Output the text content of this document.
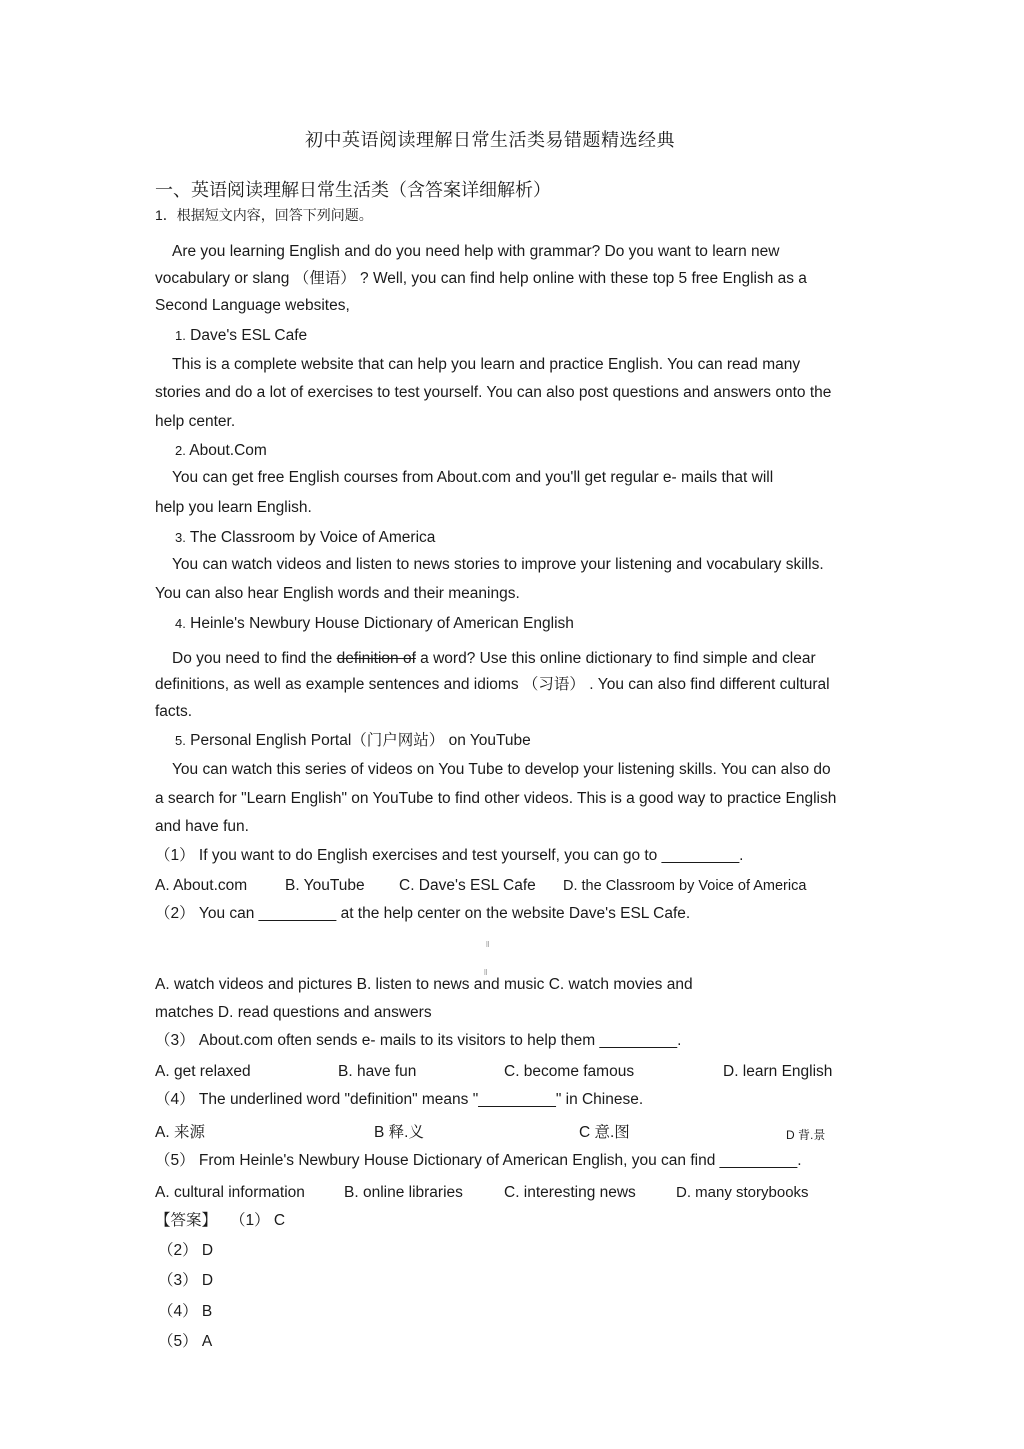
初中英语阅读理解日常生活类易错题精选经典
一、英语阅读理解日常生活类（含答案详细解析）
1．根据短文内容，回答下列问题。
Are you learning English and do you need help with grammar? Do you want to learn new
vocabulary or slang （俚语） ? Well, you can find help online with these top 5 free English as a
Second Language websites,
1. Dave's ESL Cafe
This is a complete website that can help you learn and practice English. You can read many
stories and do a lot of exercises to test yourself. You can also post questions and answers onto the
help center.
2. About.Com
You can get free English courses from About.com and you'll get regular e- mails that will
help you learn English.
3. The Classroom by Voice of America
You can watch videos and listen to news stories to improve your listening and vocabulary skills.
You can also hear English words and their meanings.
4. Heinle's Newbury House Dictionary of American English
Do you need to find the definition of a word? Use this online dictionary to find simple and clear
definitions, as well as example sentences and idioms （习语） . You can also find different cultural
facts.
5. Personal English Portal（门户网站） on YouTube
You can watch this series of videos on You Tube to develop your listening skills. You can also do
a search for "Learn English" on YouTube to find other videos. This is a good way to practice English
and have fun.
（1） If you want to do English exercises and test yourself, you can go to _________.
A. About.com B. YouTube C. Dave's ESL Cafe D. the Classroom by Voice of America
（2） You can _________ at the help center on the website Dave's ESL Cafe.
ll
ll
A. watch videos and pictures B. listen to news and music C. watch movies and
matches D. read questions and answers
（3） About.com often sends e- mails to its visitors to help them _________.
A. get relaxed	B. have fun	C. become famous	D. learn English
（4） The underlined word "definition" means "_________" in Chinese.
A. 来源	B 释.义	C 意.图	D 背.景
（5） From Heinle's Newbury House Dictionary of American English, you can find _________.
A. cultural information	B. online libraries	C. interesting news	D. many storybooks
【答案】 （1） C
（2） D
（3） D
（4） B
（5） A
